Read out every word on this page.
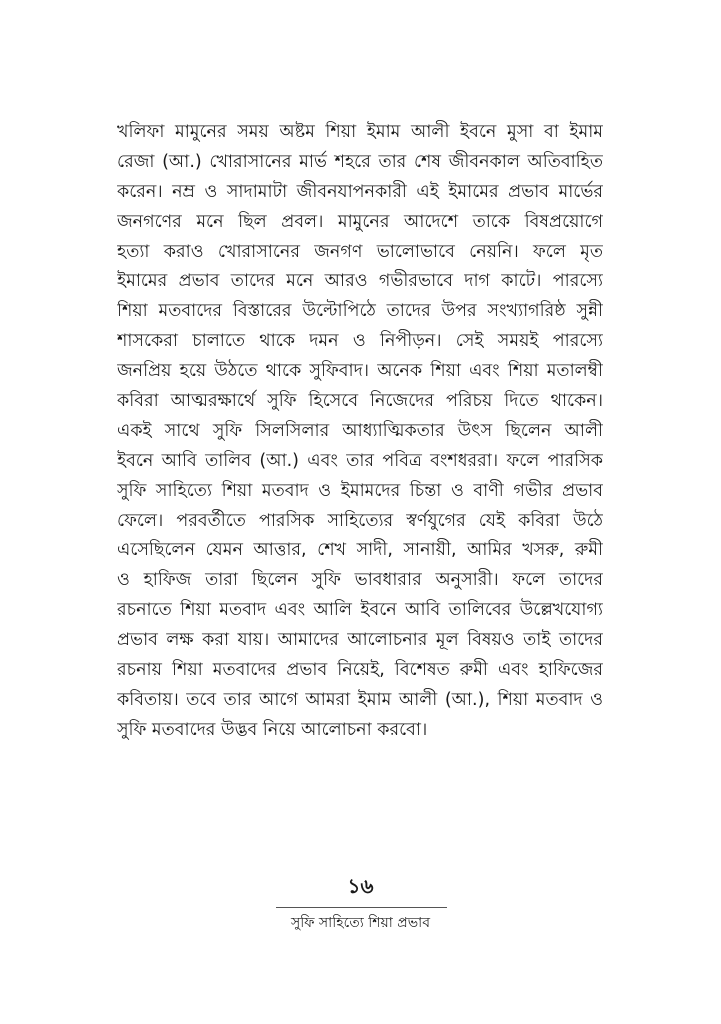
খলিফা মামুনের সময় অষ্টম শিয়া ইমাম আলী ইবনে মুসা বা ইমাম
রেজা (আ.) খোরাসানের মার্ভ শহরে তার শেষ জীবনকাল অতিবাহিত
করেন। নম্র ও সাদামাটা জীবনযাপনকারী এই ইমামের প্রভাব মার্ভের
জনগণের মনে ছিল প্রবল। মামুনের আদেশে তাকে বিষপ্রয়োগে
হত্যা করাও খোরাসানের জনগণ ভালোভাবে নেয়নি। ফলে মৃত
ইমামের প্রভাব তাদের মনে আরও গভীরভাবে দাগ কাটে। পারস্যে
শিয়া মতবাদের বিস্তারের উল্টোপিঠে তাদের উপর সংখ্যাগরিষ্ঠ সুন্নী
শাসকেরা চালাতে থাকে দমন ও নিপীড়ন। সেই সময়ই পারস্যে
জনপ্রিয় হয়ে উঠতে থাকে সুফিবাদ। অনেক শিয়া এবং শিয়া মতালম্বী
কবিরা আত্মরক্ষার্থে সুফি হিসেবে নিজেদের পরিচয় দিতে থাকেন।
একই সাথে সুফি সিলসিলার আধ্যাত্মিকতার উৎস ছিলেন আলী
ইবনে আবি তালিব (আ.) এবং তার পবিত্র বংশধররা। ফলে পারসিক
সুফি সাহিত্যে শিয়া মতবাদ ও ইমামদের চিন্তা ও বাণী গভীর প্রভাব
ফেলে। পরবর্তীতে পারসিক সাহিত্যের স্বর্ণযুগের যেই কবিরা উঠে
এসেছিলেন যেমন আত্তার, শেখ সাদী, সানায়ী, আমির খসরু, রুমী
ও হাফিজ তারা ছিলেন সুফি ভাবধারার অনুসারী। ফলে তাদের
রচনাতে শিয়া মতবাদ এবং আলি ইবনে আবি তালিবের উল্লেখযোগ্য
প্রভাব লক্ষ করা যায়। আমাদের আলোচনার মূল বিষয়ও তাই তাদের
রচনায় শিয়া মতবাদের প্রভাব নিয়েই, বিশেষত রুমী এবং হাফিজের
কবিতায়। তবে তার আগে আমরা ইমাম আলী (আ.), শিয়া মতবাদ ও
সুফি মতবাদের উদ্ভব নিয়ে আলোচনা করবো।
১৬
সুফি সাহিত্যে শিয়া প্রভাব
